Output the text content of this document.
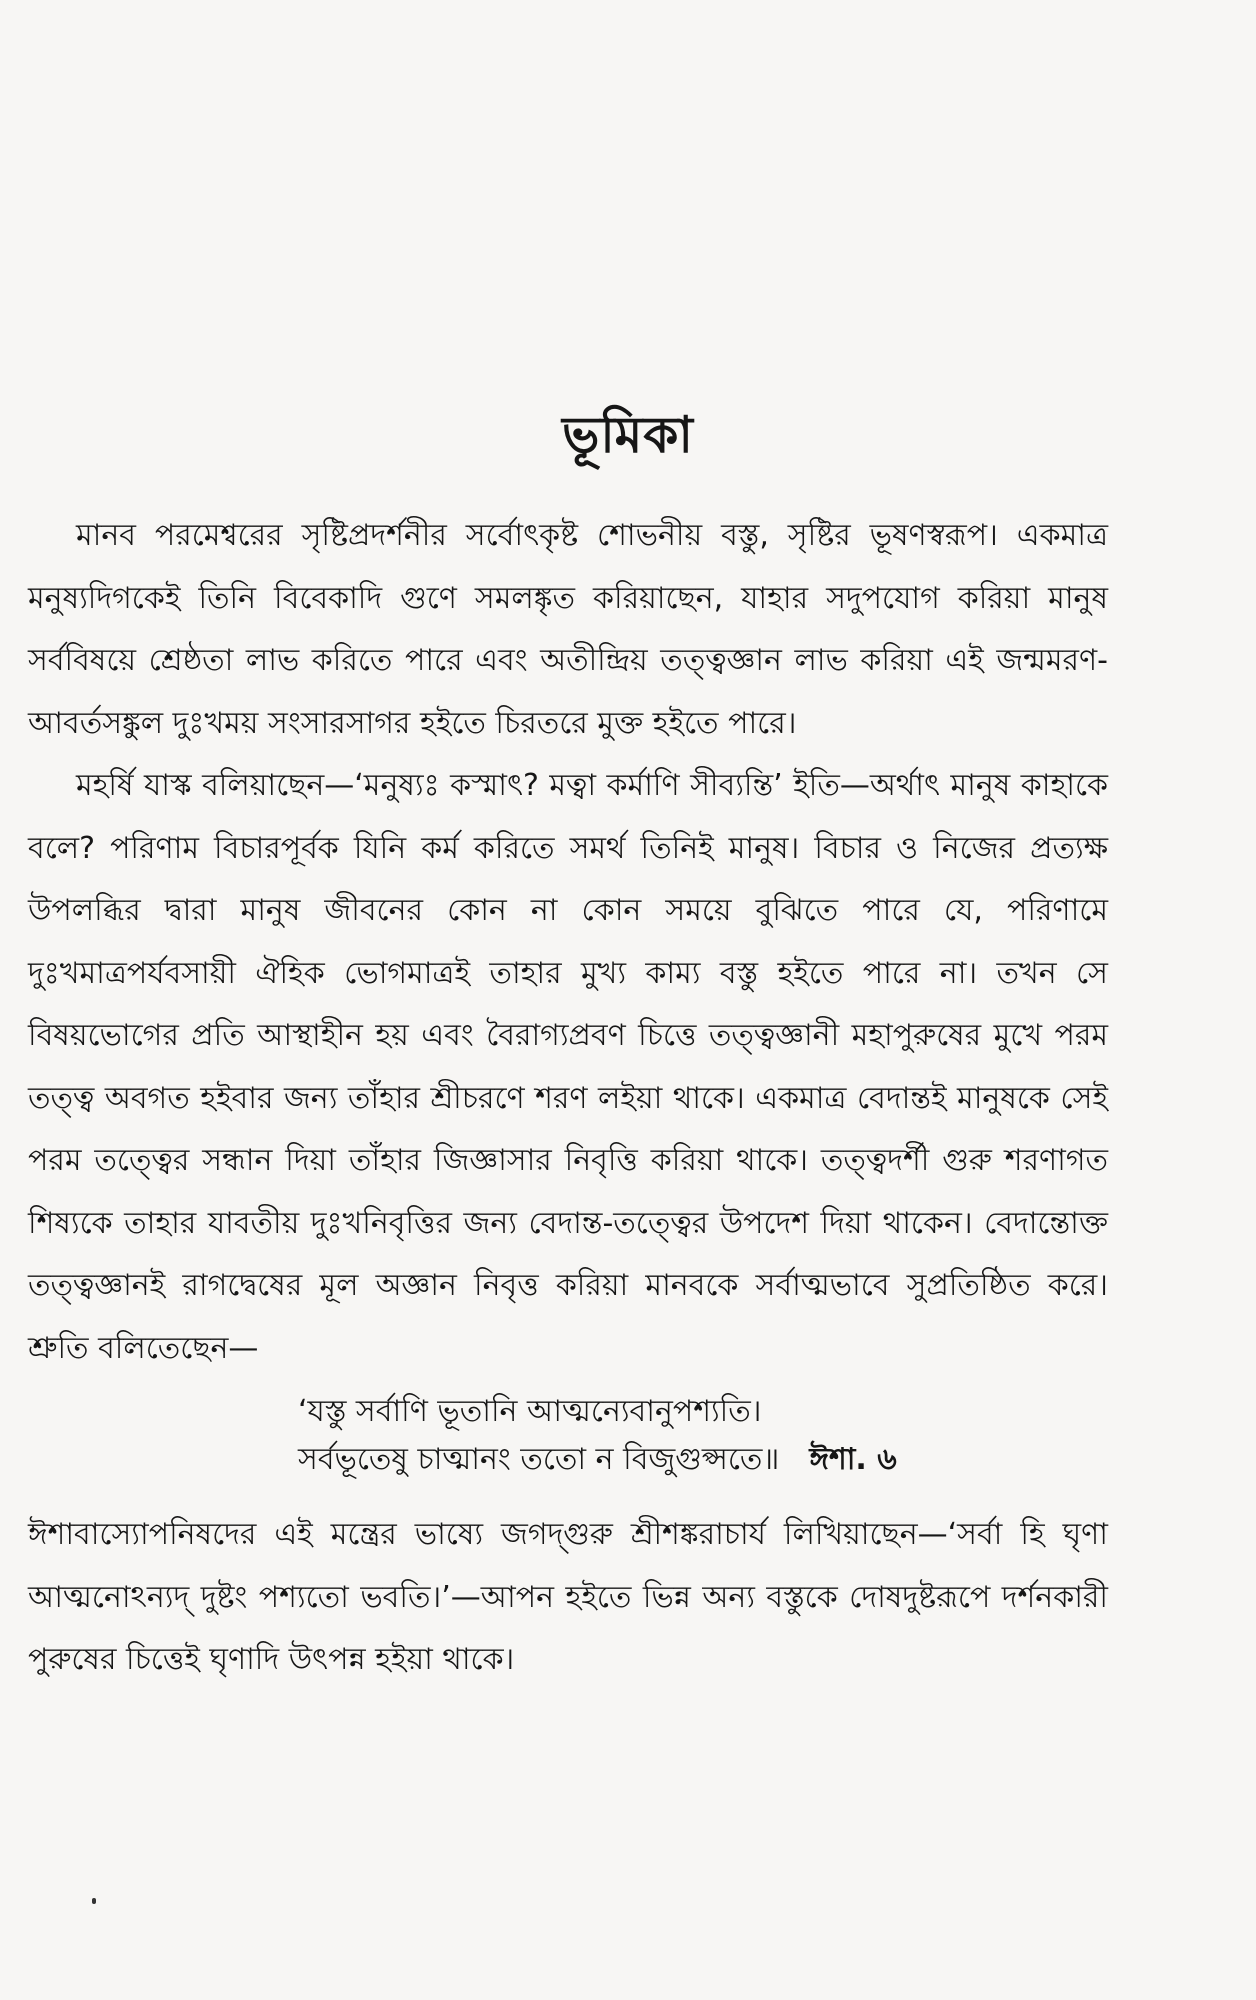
ভূমিকা

মানব পরমেশ্বরের সৃষ্টিপ্রদর্শনীর সর্বোৎকৃষ্ট শোভনীয় বস্তু, সৃষ্টির ভূষণস্বরূপ। একমাত্র মনুষ্যদিগকেই তিনি বিবেকাদি গুণে সমলঙ্কৃত করিয়াছেন, যাহার সদুপযোগ করিয়া মানুষ সর্ববিষয়ে শ্রেষ্ঠতা লাভ করিতে পারে এবং অতীন্দ্রিয় তত্ত্বজ্ঞান লাভ করিয়া এই জন্মমরণ-আবর্তসঙ্কুল দুঃখময় সংসারসাগর হইতে চিরতরে মুক্ত হইতে পারে।

মহর্ষি যাস্ক বলিয়াছেন—‘মনুষ্যঃ কস্মাৎ? মত্বা কর্মাণি সীব্যন্তি’ ইতি—অর্থাৎ মানুষ কাহাকে বলে? পরিণাম বিচারপূর্বক যিনি কর্ম করিতে সমর্থ তিনিই মানুষ। বিচার ও নিজের প্রত্যক্ষ উপলব্ধির দ্বারা মানুষ জীবনের কোন না কোন সময়ে বুঝিতে পারে যে, পরিণামে দুঃখমাত্রপর্যবসায়ী ঐহিক ভোগমাত্রই তাহার মুখ্য কাম্য বস্তু হইতে পারে না। তখন সে বিষয়ভোগের প্রতি আস্থাহীন হয় এবং বৈরাগ্যপ্রবণ চিত্তে তত্ত্বজ্ঞানী মহাপুরুষের মুখে পরম তত্ত্ব অবগত হইবার জন্য তাঁহার শ্রীচরণে শরণ লইয়া থাকে। একমাত্র বেদান্তই মানুষকে সেই পরম তত্ত্বের সন্ধান দিয়া তাঁহার জিজ্ঞাসার নিবৃত্তি করিয়া থাকে। তত্ত্বদর্শী গুরু শরণাগত শিষ্যকে তাহার যাবতীয় দুঃখনিবৃত্তির জন্য বেদান্ত-তত্ত্বের উপদেশ দিয়া থাকেন। বেদান্তোক্ত তত্ত্বজ্ঞানই রাগদ্বেষের মূল অজ্ঞান নিবৃত্ত করিয়া মানবকে সর্বাত্মভাবে সুপ্রতিষ্ঠিত করে। শ্রুতি বলিতেছেন—

‘যস্তু সর্বাণি ভূতানি আত্মন্যেবানুপশ্যতি।

সর্বভূতেষু চাত্মানং ততো ন বিজুগুপ্সতে॥ ঈশা. ৬

ঈশাবাস্যোপনিষদের এই মন্ত্রের ভাষ্যে জগদ্‌গুরু শ্রীশঙ্করাচার্য লিখিয়াছেন—‘সর্বা হি ঘৃণা আত্মনোঽন্যদ্ দুষ্টং পশ্যতো ভবতি।’—আপন হইতে ভিন্ন অন্য বস্তুকে দোষদুষ্টরূপে দর্শনকারী পুরুষের চিত্তেই ঘৃণাদি উৎপন্ন হইয়া থাকে।
